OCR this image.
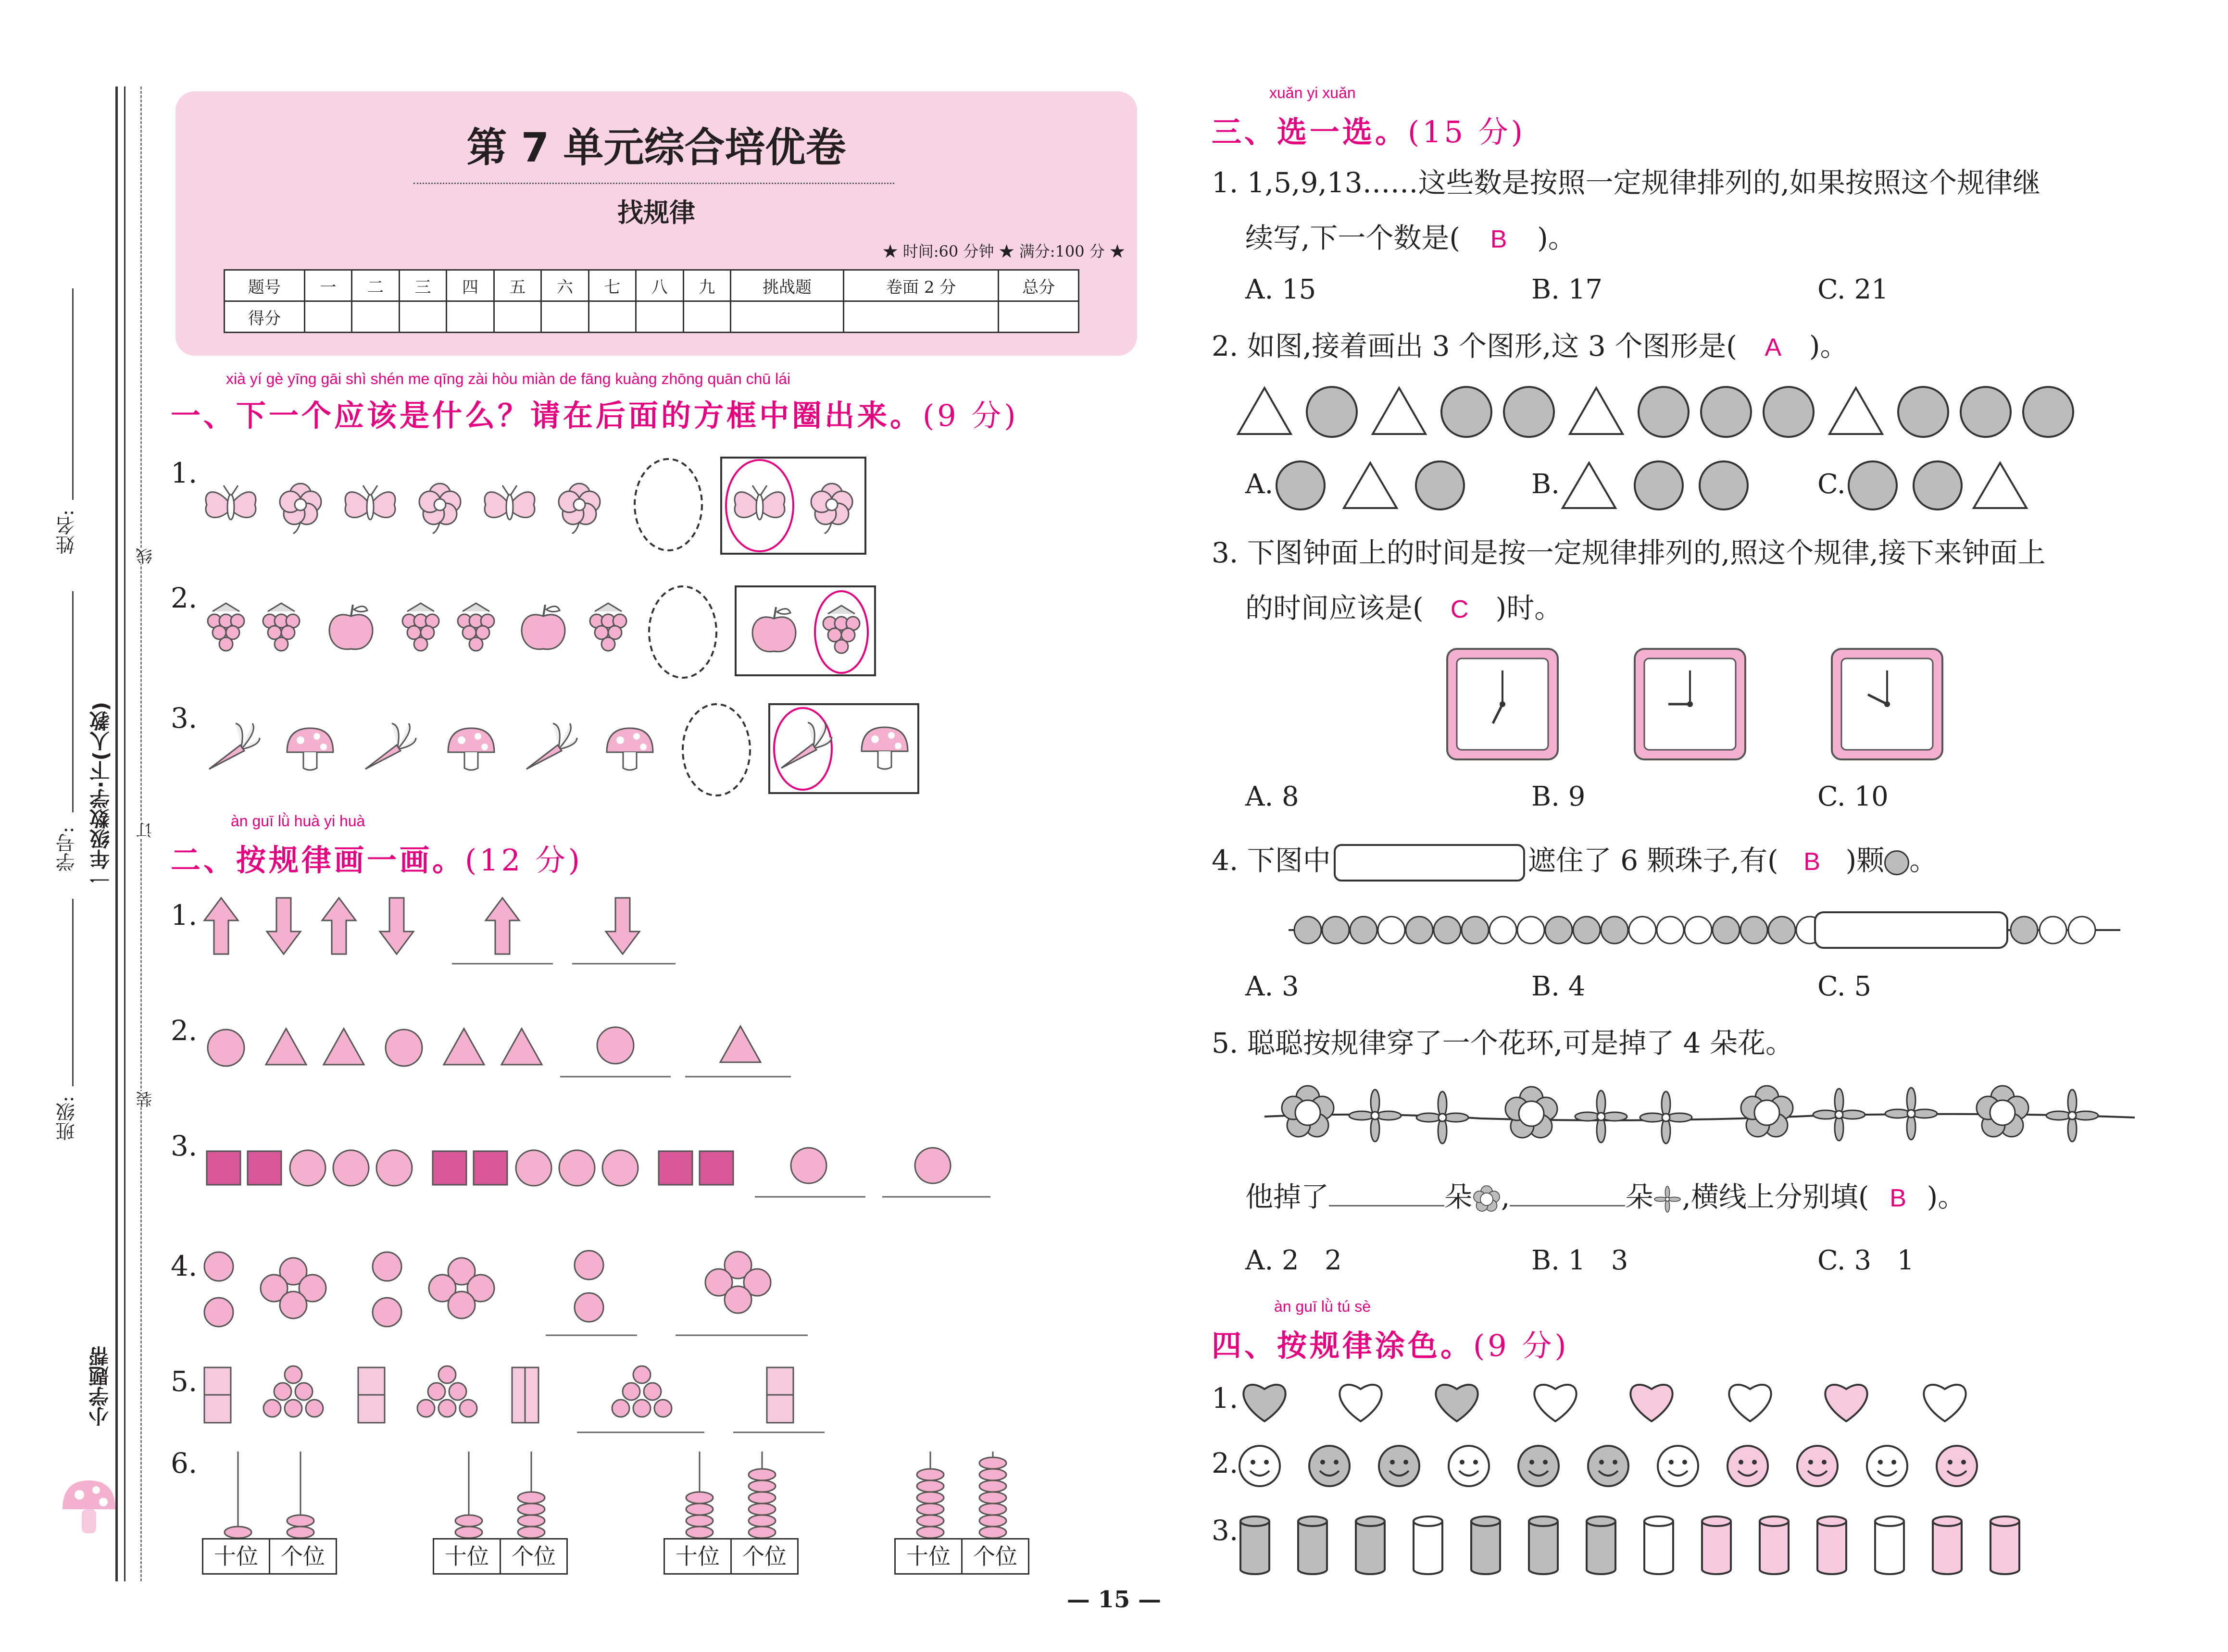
线
订
装
班级:
学号:
姓名:
一年级数学·下(人教)
小学题帮
第 7 单元综合培优卷
找规律
★ 时间:60 分钟 ★ 满分:100 分 ★
题号	一	二	三	四	五	六	七	八	九	挑战题	卷面 2 分	总分
得分												
xià yí gè yīng gāi shì shén me qīng zài hòu miàn de fāng kuàng zhōng quān chū lái
一、下一个应该是什么？请在后面的方框中圈出来。(9 分)
1.
2.
3.
àn guī lǜ huà yi huà
二、按规律画一画。(12 分)
1.
2.
3.
4.
5.
6.
十位	个位	十位	个位	十位	个位	十位	个位
xuǎn yi xuǎn
三、选一选。(15 分)
1. 1,5,9,13……这些数是按照一定规律排列的,如果按照这个规律继
续写,下一个数是( B )。
A. 15	B. 17	C. 21
2. 如图,接着画出 3 个图形,这 3 个图形是( A )。
A.	B.	C.
3. 下图钟面上的时间是按一定规律排列的,照这个规律,接下来钟面上
的时间应该是( C )时。
A. 8	B. 9	C. 10
4. 下图中	遮住了 6 颗珠子,有( B )颗 。
A. 3	B. 4	C. 5
5. 聪聪按规律穿了一个花环,可是掉了 4 朵花。
他掉了	朵 ,	朵 ,横线上分别填( B )。
A. 2   2	B. 1   3	C. 3   1
àn guī lǜ tú sè
四、按规律涂色。(9 分)
1.
2.
3.
— 15 —
